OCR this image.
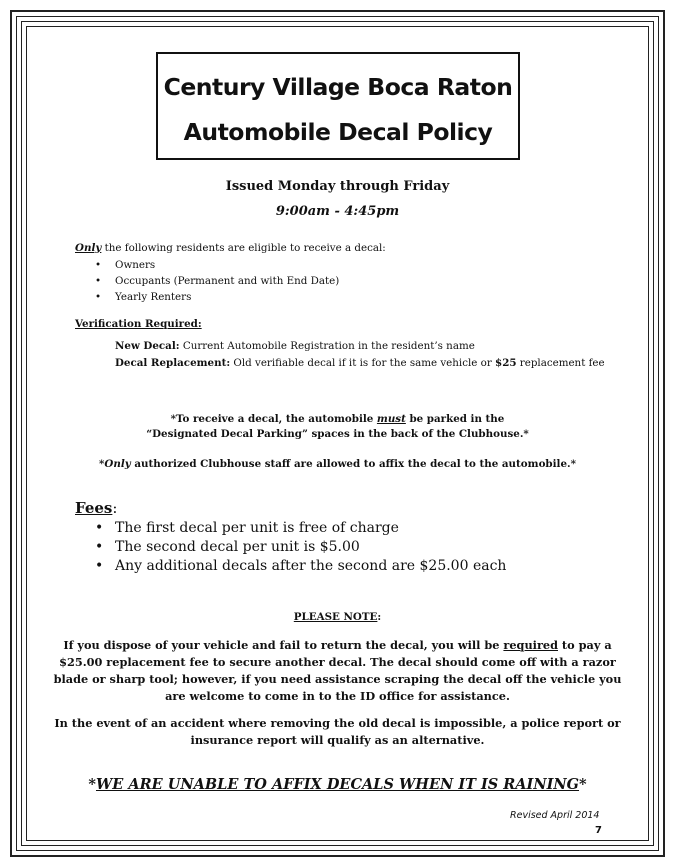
Century Village Boca Raton
Automobile Decal Policy
Issued Monday through Friday
9:00am - 4:45pm
Only the following residents are eligible to receive a decal:
• Owners
• Occupants (Permanent and with End Date)
• Yearly Renters
Verification Required:
New Decal: Current Automobile Registration in the resident’s name
Decal Replacement: Old verifiable decal if it is for the same vehicle or $25 replacement fee
*To receive a decal, the automobile must be parked in the
“Designated Decal Parking” spaces in the back of the Clubhouse.*
*Only authorized Clubhouse staff are allowed to affix the decal to the automobile.*
Fees:
• The first decal per unit is free of charge
• The second decal per unit is $5.00
• Any additional decals after the second are $25.00 each
PLEASE NOTE:
If you dispose of your vehicle and fail to return the decal, you will be required to pay a
$25.00 replacement fee to secure another decal. The decal should come off with a razor
blade or sharp tool; however, if you need assistance scraping the decal off the vehicle you
are welcome to come in to the ID office for assistance.
In the event of an accident where removing the old decal is impossible, a police report or
insurance report will qualify as an alternative.
*WE ARE UNABLE TO AFFIX DECALS WHEN IT IS RAINING*
Revised April 2014
7
